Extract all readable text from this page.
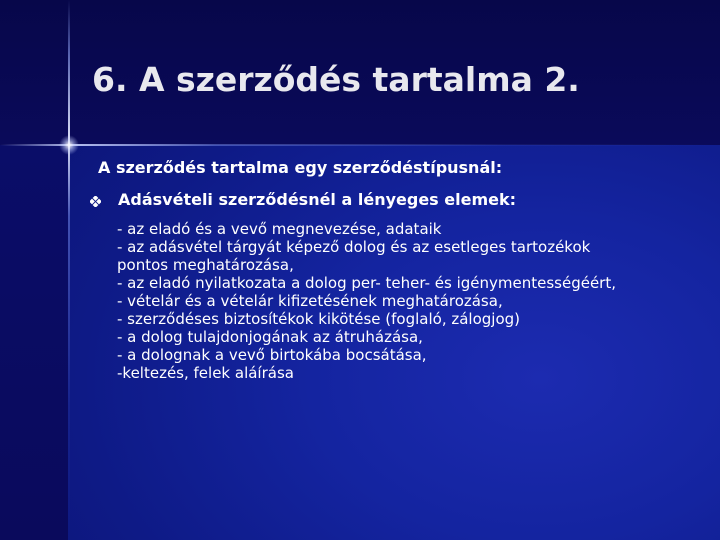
6. A szerződés tartalma 2.
A szerződés tartalma egy szerződéstípusnál:
Adásvételi szerződésnél a lényeges elemek:
- az eladó és a vevő megnevezése, adataik
- az adásvétel tárgyát képező dolog és az esetleges tartozékok
pontos meghatározása,
- az eladó nyilatkozata a dolog per- teher- és igénymentességéért,
- vételár és a vételár kifizetésének meghatározása,
- szerződéses biztosítékok kikötése (foglaló, zálogjog)
- a dolog tulajdonjogának az átruházása,
- a dolognak a vevő birtokába bocsátása,
-keltezés, felek aláírása
